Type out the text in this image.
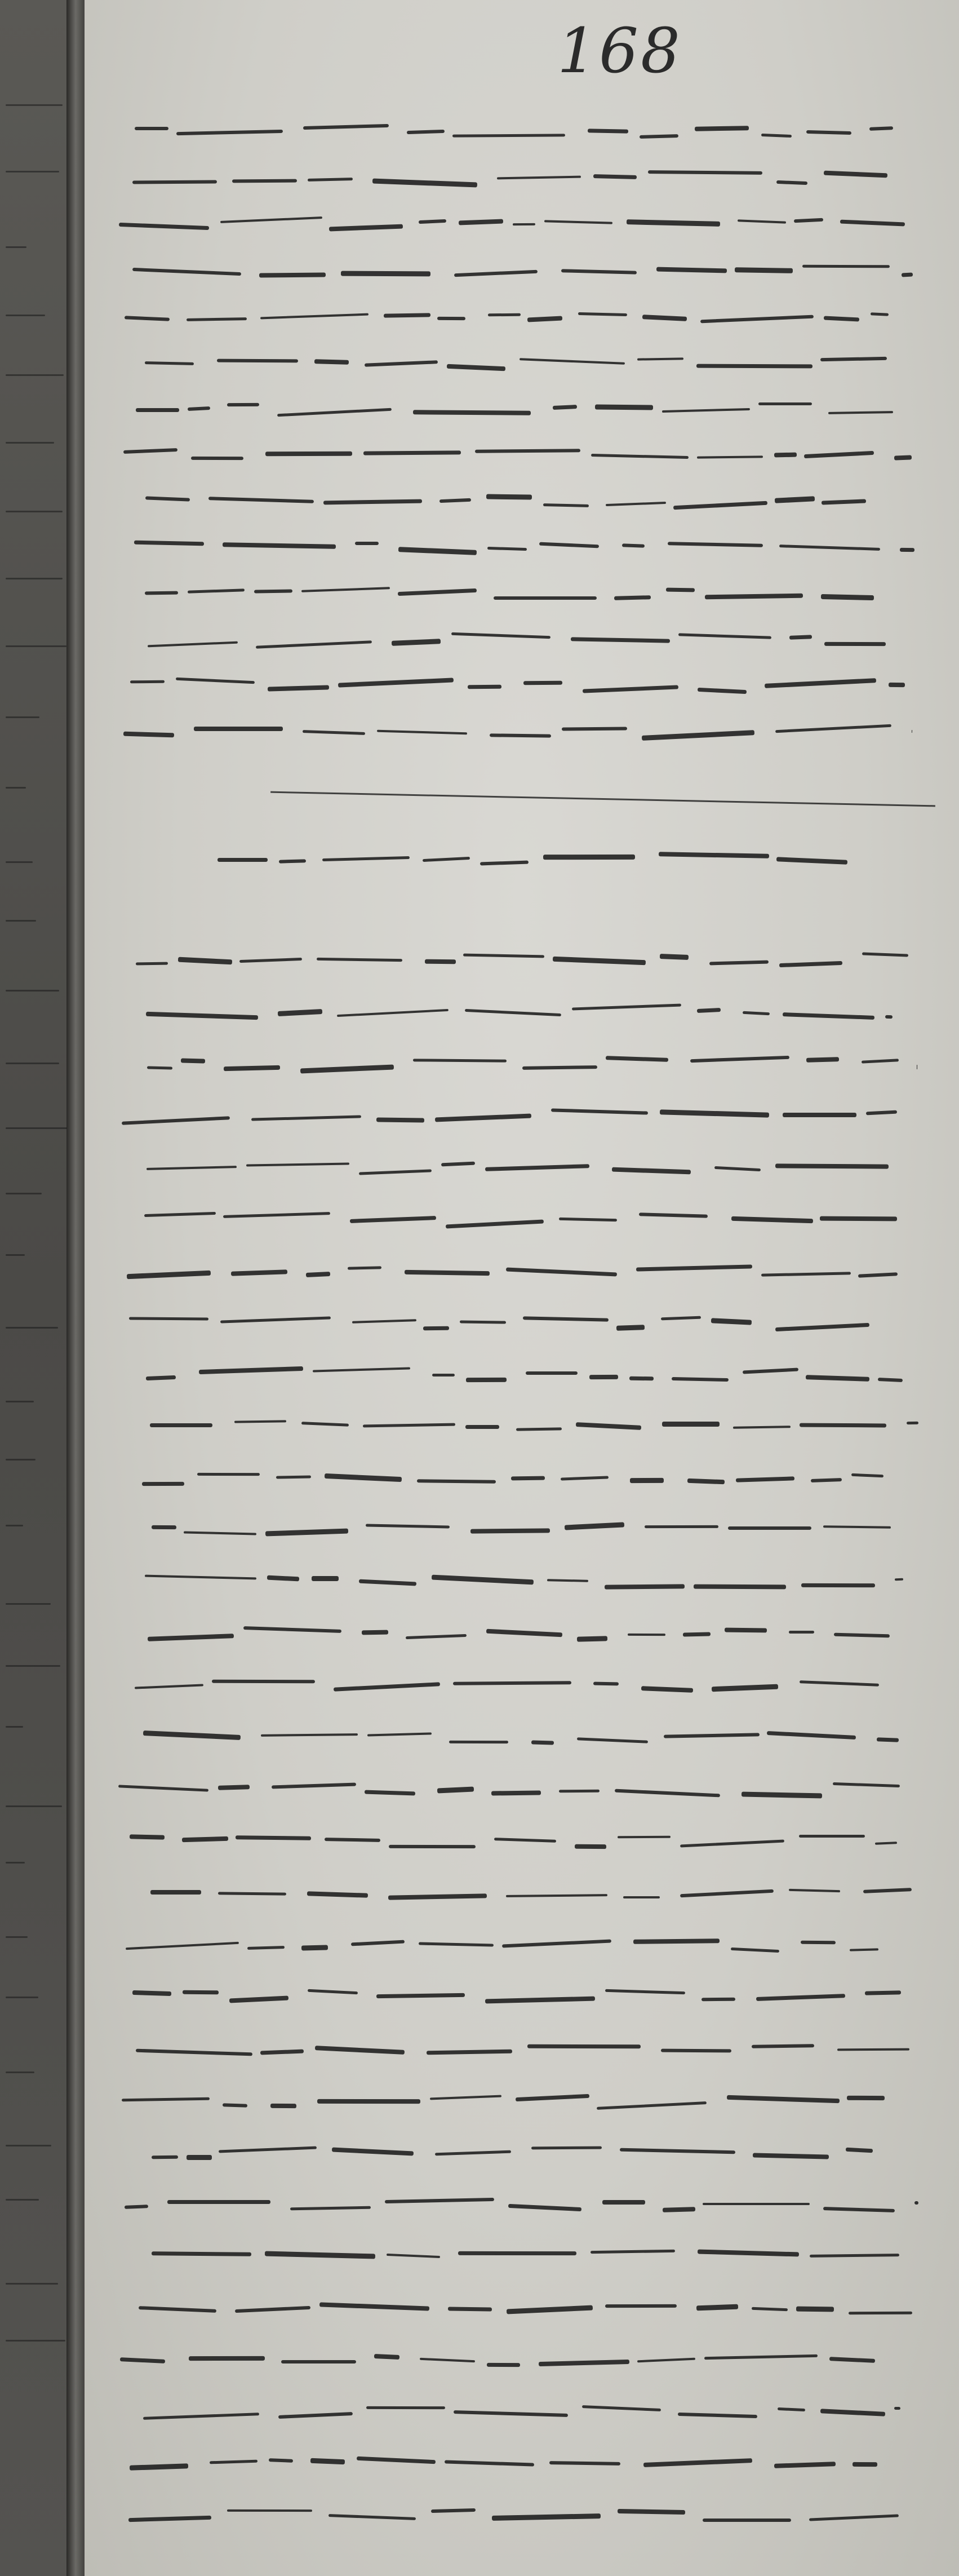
168
